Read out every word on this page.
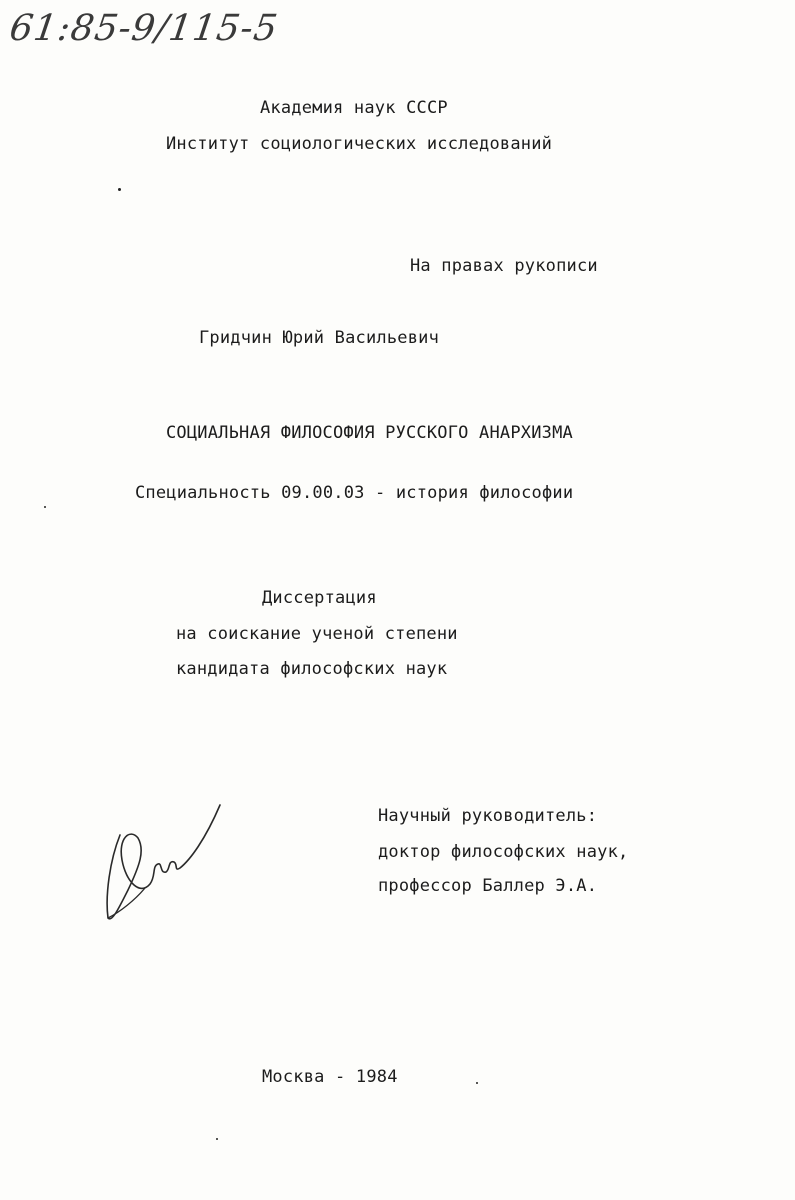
61:85-9/115-5
Академия наук СССР
Институт социологических исследований
На правах рукописи
Гридчин Юрий Васильевич
СОЦИАЛЬНАЯ ФИЛОСОФИЯ РУССКОГО АНАРХИЗМА
Специальность 09.00.03 - история философии
Диссертация
на соискание ученой степени
кандидата философских наук
Научный руководитель:
доктор философских наук,
профессор Баллер Э.А.
Москва - 1984
